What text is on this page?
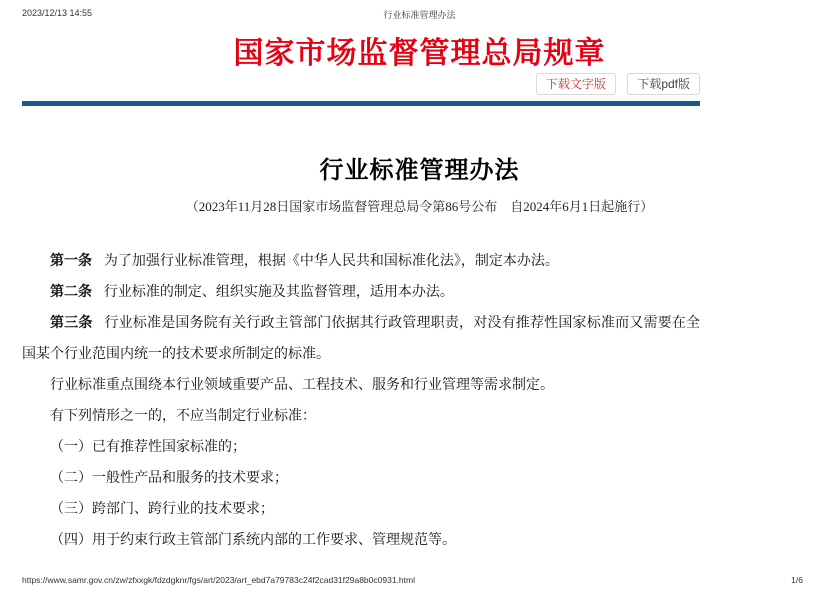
2023/12/13 14:55	行业标准管理办法
国家市场监督管理总局规章
下载文字版	下载pdf版
行业标准管理办法

（2023年11月28日国家市场监督管理总局令第86号公布　自2024年6月1日起施行）

第一条 为了加强行业标准管理，根据《中华人民共和国标准化法》，制定本办法。

第二条 行业标准的制定、组织实施及其监督管理，适用本办法。

第三条 行业标准是国务院有关行政主管部门依据其行政管理职责，对没有推荐性国家标准而又需要在全国某个行业范围内统一的技术要求所制定的标准。

行业标准重点围绕本行业领域重要产品、工程技术、服务和行业管理等需求制定。

有下列情形之一的，不应当制定行业标准：

（一）已有推荐性国家标准的；

（二）一般性产品和服务的技术要求；

（三）跨部门、跨行业的技术要求；

（四）用于约束行政主管部门系统内部的工作要求、管理规范等。

https://www.samr.gov.cn/zw/zfxxgk/fdzdgknr/fgs/art/2023/art_ebd7a79783c24f2cad31f29a8b0c0931.html	1/6
